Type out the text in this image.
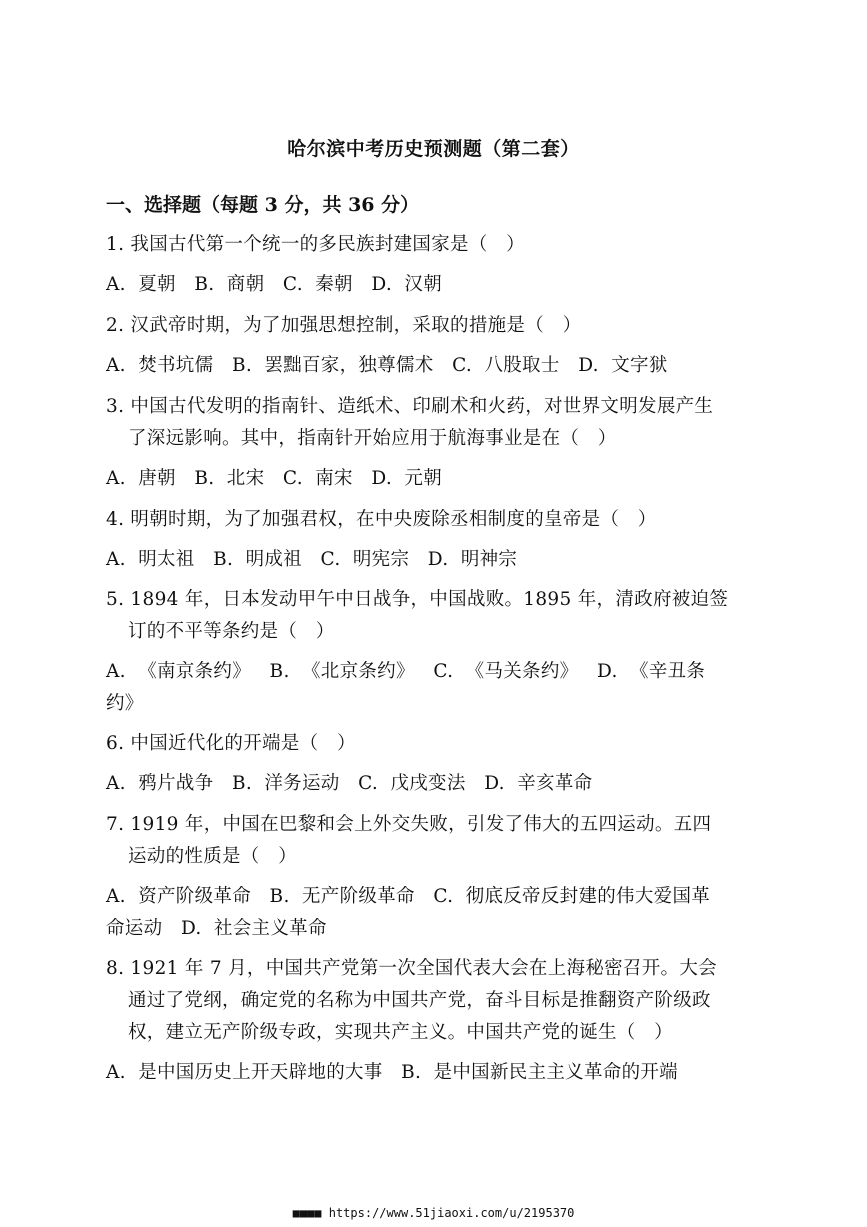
哈尔滨中考历史预测题（第二套）
一、选择题（每题 3 分，共 36 分）
1. 我国古代第一个统一的多民族封建国家是（   ）
A.  夏朝   B.  商朝   C.  秦朝   D.  汉朝
2. 汉武帝时期，为了加强思想控制，采取的措施是（   ）
A.  焚书坑儒   B.  罢黜百家，独尊儒术   C.  八股取士   D.  文字狱
3. 中国古代发明的指南针、造纸术、印刷术和火药，对世界文明发展产生
了深远影响。其中，指南针开始应用于航海事业是在（   ）
A.  唐朝   B.  北宋   C.  南宋   D.  元朝
4. 明朝时期，为了加强君权，在中央废除丞相制度的皇帝是（   ）
A.  明太祖   B.  明成祖   C.  明宪宗   D.  明神宗
5. 1894 年，日本发动甲午中日战争，中国战败。1895 年，清政府被迫签
订的不平等条约是（   ）
A.  《南京条约》   B.  《北京条约》   C.  《马关条约》   D.  《辛丑条
约》
6. 中国近代化的开端是（   ）
A.  鸦片战争   B.  洋务运动   C.  戊戌变法   D.  辛亥革命
7. 1919 年，中国在巴黎和会上外交失败，引发了伟大的五四运动。五四
运动的性质是（   ）
A.  资产阶级革命   B.  无产阶级革命   C.  彻底反帝反封建的伟大爱国革
命运动   D.  社会主义革命
8. 1921 年 7 月，中国共产党第一次全国代表大会在上海秘密召开。大会
通过了党纲，确定党的名称为中国共产党，奋斗目标是推翻资产阶级政
权，建立无产阶级专政，实现共产主义。中国共产党的诞生（   ）
A.  是中国历史上开天辟地的大事   B.  是中国新民主主义革命的开端
■■■■ https://www.51jiaoxi.com/u/2195370
